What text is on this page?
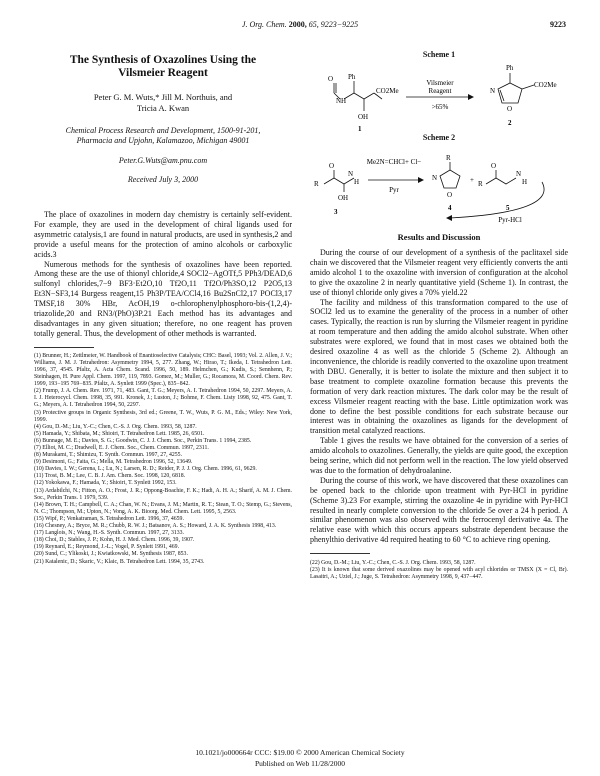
J. Org. Chem. 2000, 65, 9223−9225	9223
The Synthesis of Oxazolines Using the
Vilsmeier Reagent
Peter G. M. Wuts,* Jill M. Northuis, and
Tricia A. Kwan
Chemical Process Research and Development, 1500-91-201,
Pharmacia and Upjohn, Kalamazoo, Michigan 49001
Peter.G.Wuts@am.pnu.com
Received July 3, 2000

The place of oxazolines in modern day chemistry is certainly self-evident. For example, they are used in the development of chiral ligands used for asymmetric catalysis,1 are found in natural products, are used in synthesis,2 and provide a useful means for the protection of amino alcohols or carboxylic acids.3

Numerous methods for the synthesis of oxazolines have been reported. Among these are the use of thionyl chloride,4 SOCl2−AgOTf,5 PPh3/DEAD,6 sulfonyl chlorides,7−9 BF3·Et2O,10 Tf2O,11 Tf2O/Ph3SO,12 P2O5,13 Et3N−SF3,14 Burgess reagent,15 Ph3P/TEA/CCl4,16 Bu2SnCl2,17 POCl3,17 TMSF,18 30% HBr, AcOH,19 o-chlorophenylphosphoro-bis-(1,2,4)-triazolide,20 and RN3/(PhO)3P.21 Each method has its advantages and disadvantages in any given situation; therefore, no one reagent has proven totally general. Thus, the development of other methods is warranted.

(1) Brunner, H.; Zettlmeier, W. Handbook of Enantioselective Catalysis; CHC: Basel, 1993; Vol. 2. Allen, J. V.; Williams, J. M. J. Tetrahedron: Asymmetry 1994, 5, 277. Zhang, W.; Hirao, T.; Ikeda, I. Tetrahedron Lett. 1996, 37, 4545. Pfaltz, A. Acta Chem. Scand. 1996, 50, 189. Helmchen, G.; Kudis, S.; Sennhenn, P.; Steinhagen, H. Pure Appl. Chem. 1997, 119, 7893. Gomez, M.; Muller, G.; Rocamora, M. Coord. Chem. Rev. 1999, 193−195 769−835. Pfaltz, A. Synlett 1999 (Spec.), 835−842.

(2) Frump, J. A. Chem. Rev. 1971, 71, 483. Gant, T. G.; Meyers, A. I. Tetrahedron 1994, 50, 2297. Meyers, A. I. J. Heterocycl. Chem. 1998, 35, 991. Kronek, J.; Luston, J.; Bohme, F. Chem. Listy 1998, 92, 475. Gant, T. G.; Meyers, A. I. Tetrahedron 1994, 50, 2297.

(3) Protective groups in Organic Synthesis, 3rd ed.; Greene, T. W., Wuts, P. G. M., Eds.; Wiley: New York, 1999.

(4) Gou, D.-M.; Liu, Y.-C.; Chen, C.-S. J. Org. Chem. 1993, 58, 1287.

(5) Hamada, Y.; Shibata, M.; Shioiri, T. Tetrahedron Lett. 1985, 26, 6501.

(6) Bunnage, M. E.; Davies, S. G.; Goodwin, C. J. J. Chem. Soc., Perkin Trans. 1 1994, 2385.

(7) Elliot, M. C.; Dradwell, E. J. Chem. Soc., Chem. Commun. 1997, 2311.

(8) Murakami, T.; Shimizu, T. Synth. Commun. 1997, 27, 4255.

(9) Desimoni, G.; Faita, G.; Mella, M. Tetrahedron 1996, 52, 13649.

(10) Davies, I. W.; Gerena, L.; Lu, N.; Larsen, R. D.; Reider, P. J. J. Org. Chem. 1996, 61, 9629.

(11) Trost, B. M.; Lee, C. B. J. Am. Chem. Soc. 1998, 120, 6818.

(12) Yokokawa, F.; Hamada, Y.; Shioiri, T. Synlett 1992, 153.

(13) Ardabilchi, N.; Fitton, A. O.; Frost, J. R.; Oppong-Boachie, F. K.; Hadi, A. H. A.; Sharif, A. M. J. Chem. Soc., Perkin Trans. 1 1979, 539.

(14) Brown, T. H.; Campbell, C. A.; Chan, W. N.; Evans, J. M.; Martin, R. T.; Stean, T. O.; Stemp, G.; Stevens, N. C.; Thompson, M.; Upton, N.; Vong, A. K. Bioorg. Med. Chem. Lett. 1995, 5, 2563.

(15) Wipf, P.; Venkatraman, S. Tetrahedron Lett. 1996, 37, 4659.

(16) Chesney, A.; Bryce, M. R.; Chubb, R. W. J.; Batsanov, A. S.; Howard, J. A. K. Synthesis 1998, 413.

(17) Langlois, N.; Wang, H.-S. Synth. Commun. 1997, 27, 3133.

(18) Choi, D.; Stables, J. P.; Kohn, H. J. Med. Chem. 1996, 39, 1907.

(19) Reynard, E.; Reymond, J.-L.; Vogel, P. Synlett 1991, 469.

(20) Sund, C.; Ylikoski, J.; Kwiatkowski, M. Synthesis 1987, 853.

(21) Katalenic, D.; Skaric, V.; Klaic, B. Tetrahedron Lett. 1994, 35, 2743.

Scheme 1
O
NH
Ph
CO2Me
OH
1
Vilsmeier
Reagent
>65%
Ph
N
O
CO2Me
2
Scheme 2
R
O
OH
N
H
3
Me2N=CHCl+ Cl−
Pyr
R
N
O
4
+ R
O
N
H
5
Pyr-HCl
Results and Discussion

During the course of our development of a synthesis of the paclitaxel side chain we discovered that the Vilsmeier reagent very efficiently converts the anti amido alcohol 1 to the oxazoline with inversion of configuration at the alcohol to give the oxazoline 2 in nearly quantitative yield (Scheme 1). In contrast, the use of thionyl chloride only gives a 70% yield.22

The facility and mildness of this transformation compared to the use of SOCl2 led us to examine the generality of the process in a number of other cases. Typically, the reaction is run by slurring the Vilsmeier reagent in pyridine at room temperature and then adding the amido alcohol substrate. When other substrates were explored, we found that in most cases we obtained both the desired oxazoline 4 as well as the chloride 5 (Scheme 2). Although an inconvenience, the chloride is readily converted to the oxazoline upon treatment with DBU. Generally, it is better to isolate the mixture and then subject it to base treatment to complete oxazoline formation because this prevents the formation of very dark reaction mixtures. The dark color may be the result of excess Vilsmeier reagent reacting with the base. Little optimization work was done to define the best possible conditions for each substrate because our interest was in obtaining the oxazolines as ligands for the development of transition metal catalyzed reactions.

Table 1 gives the results we have obtained for the conversion of a series of amido alcohols to oxazolines. Generally, the yields are quite good, the exception being serine, which did not perform well in the reaction. The low yield observed was due to the formation of dehydroalanine.

During the course of this work, we have discovered that these oxazolines can be opened back to the chloride upon treatment with Pyr-HCl in pyridine (Scheme 3).23 For example, stirring the oxazoline 4e in pyridine with Pyr-HCl resulted in nearly complete conversion to the chloride 5e over a 24 h period. A similar phenomenon was also observed with the ferrocenyl derivative 4a. The relative ease with which this occurs appears substrate dependent because the phenylthio derivative 4d required heating to 60 °C to achieve ring opening.

(22) Gou, D.-M.; Liu, Y.-C.; Chen, C.-S. J. Org. Chem. 1993, 58, 1287.

(23) It is known that some derived oxazolines may be opened with acyl chlorides or TMSX (X = Cl, Br). Lasaitri, A.; Uziel, J.; Juge, S. Tetrahedron: Asymmetry 1998, 9, 437−447.

10.1021/jo000664r CCC: $19.00 © 2000 American Chemical Society
Published on Web 11/28/2000
